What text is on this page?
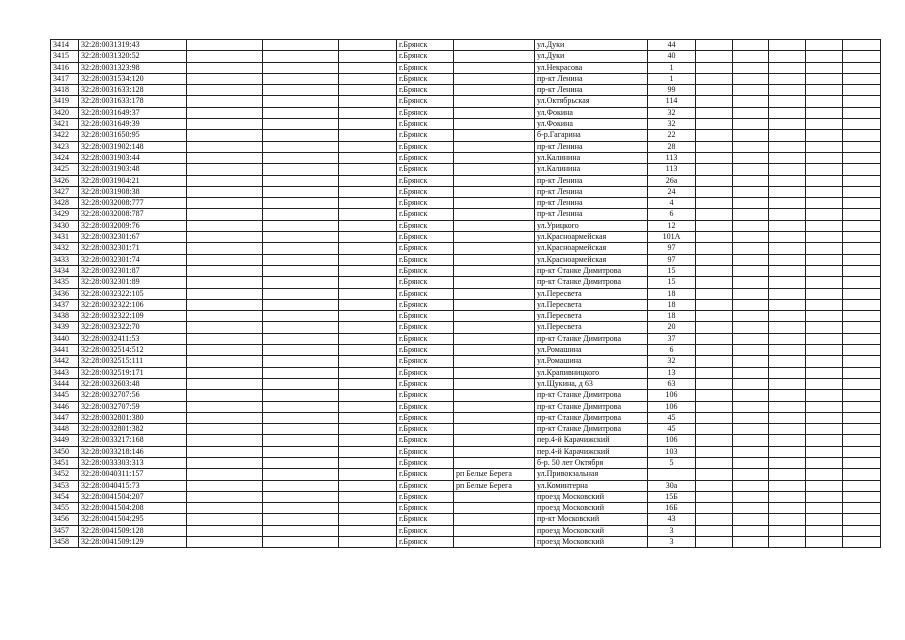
3414	32:28:0031319:43				г.Брянск		ул.Дуки	44					
3415	32:28:0031320:52				г.Брянск		ул.Дуки	40					
3416	32:28:0031323:98				г.Брянск		ул.Некрасова	1					
3417	32:28:0031534:120				г.Брянск		пр-кт Ленина	1					
3418	32:28:0031633:128				г.Брянск		пр-кт Ленина	99					
3419	32:28:0031633:178				г.Брянск		ул.Октябрьская	114					
3420	32:28:0031649:37				г.Брянск		ул.Фокина	32					
3421	32:28:0031649:39				г.Брянск		ул.Фокина	32					
3422	32:28:0031650:95				г.Брянск		б-р.Гагарина	22					
3423	32:28:0031902:148				г.Брянск		пр-кт Ленина	28					
3424	32:28:0031903:44				г.Брянск		ул.Калинина	113					
3425	32:28:0031903:48				г.Брянск		ул.Калинина	113					
3426	32:28:0031904:21				г.Брянск		пр-кт Ленина	26а					
3427	32:28:0031908:38				г.Брянск		пр-кт Ленина	24					
3428	32:28:0032008:777				г.Брянск		пр-кт Ленина	4					
3429	32:28:0032008:787				г.Брянск		пр-кт Ленина	6					
3430	32:28:0032009:76				г.Брянск		ул.Урицкого	12					
3431	32:28:0032301:67				г.Брянск		ул.Красноармейская	101А					
3432	32:28:0032301:71				г.Брянск		ул.Красноармейская	97					
3433	32:28:0032301:74				г.Брянск		ул.Красноармейская	97					
3434	32:28:0032301:87				г.Брянск		пр-кт Станке Димитрова	15					
3435	32:28:0032301:89				г.Брянск		пр-кт Станке Димитрова	15					
3436	32:28:0032322:105				г.Брянск		ул.Пересвета	18					
3437	32:28:0032322:106				г.Брянск		ул.Пересвета	18					
3438	32:28:0032322:109				г.Брянск		ул.Пересвета	18					
3439	32:28:0032322:70				г.Брянск		ул.Пересвета	20					
3440	32:28:0032411:53				г.Брянск		пр-кт Станке Димитрова	37					
3441	32:28:0032514:512				г.Брянск		ул.Ромашина	6					
3442	32:28:0032515:111				г.Брянск		ул.Ромашина	32					
3443	32:28:0032519:171				г.Брянск		ул.Крапивницкого	13					
3444	32:28:0032603:48				г.Брянск		ул.Щукина, д 63	63					
3445	32:28:0032707:56				г.Брянск		пр-кт Станке Димитрова	106					
3446	32:28:0032707:59				г.Брянск		пр-кт Станке Димитрова	106					
3447	32:28:0032801:380				г.Брянск		пр-кт Станке Димитрова	45					
3448	32:28:0032801:382				г.Брянск		пр-кт Станке Димитрова	45					
3449	32:28:0033217:168				г.Брянск		пер.4-й Карачижский	106					
3450	32:28:0033218:146				г.Брянск		пер.4-й Карачижский	103					
3451	32:28:0033303:313				г.Брянск		б-р. 50 лет Октября	5					
3452	32:28:0040311:157				г.Брянск	рп Белые Берега	ул.Привокзальная						
3453	32:28:0040415:73				г.Брянск	рп Белые Берега	ул.Коминтерна	30а					
3454	32:28:0041504:207				г.Брянск		проезд Московский	15Б					
3455	32:28:0041504:208				г.Брянск		проезд Московский	16Б					
3456	32:28:0041504:295				г.Брянск		пр-кт Московский	43					
3457	32:28:0041509:128				г.Брянск		проезд Московский	3					
3458	32:28:0041509:129				г.Брянск		проезд Московский	3					
